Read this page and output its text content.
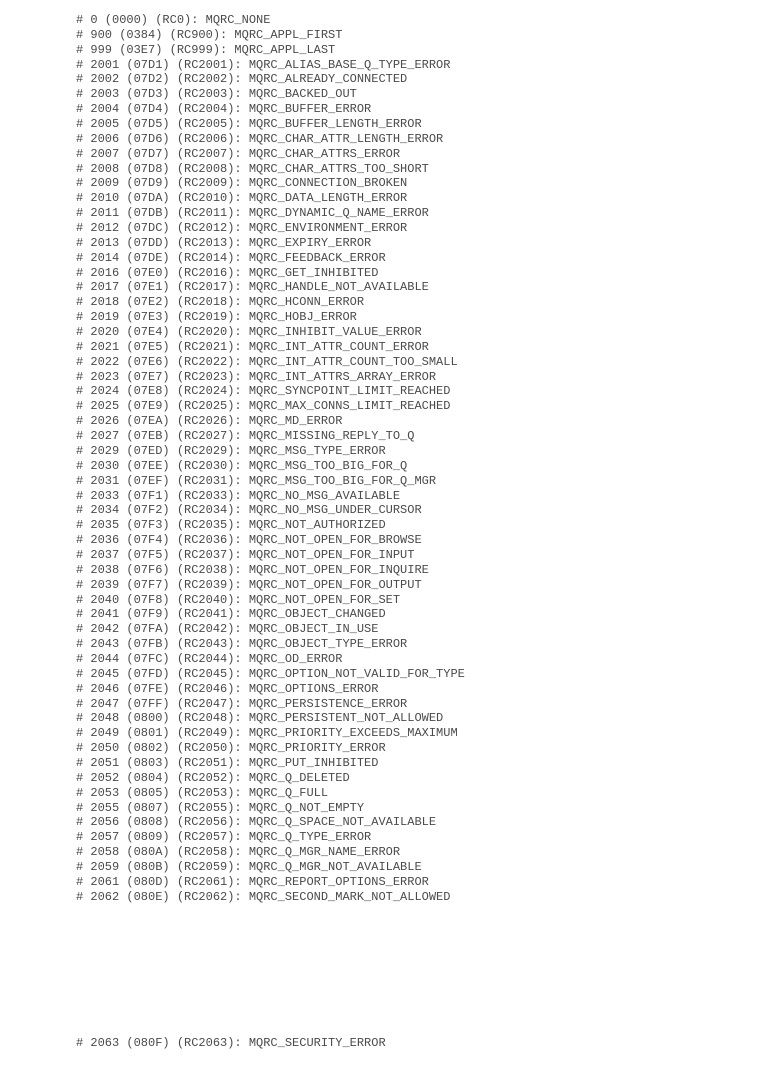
# 0 (0000) (RC0): MQRC_NONE
# 900 (0384) (RC900): MQRC_APPL_FIRST
# 999 (03E7) (RC999): MQRC_APPL_LAST
# 2001 (07D1) (RC2001): MQRC_ALIAS_BASE_Q_TYPE_ERROR
# 2002 (07D2) (RC2002): MQRC_ALREADY_CONNECTED
# 2003 (07D3) (RC2003): MQRC_BACKED_OUT
# 2004 (07D4) (RC2004): MQRC_BUFFER_ERROR
# 2005 (07D5) (RC2005): MQRC_BUFFER_LENGTH_ERROR
# 2006 (07D6) (RC2006): MQRC_CHAR_ATTR_LENGTH_ERROR
# 2007 (07D7) (RC2007): MQRC_CHAR_ATTRS_ERROR
# 2008 (07D8) (RC2008): MQRC_CHAR_ATTRS_TOO_SHORT
# 2009 (07D9) (RC2009): MQRC_CONNECTION_BROKEN
# 2010 (07DA) (RC2010): MQRC_DATA_LENGTH_ERROR
# 2011 (07DB) (RC2011): MQRC_DYNAMIC_Q_NAME_ERROR
# 2012 (07DC) (RC2012): MQRC_ENVIRONMENT_ERROR
# 2013 (07DD) (RC2013): MQRC_EXPIRY_ERROR
# 2014 (07DE) (RC2014): MQRC_FEEDBACK_ERROR
# 2016 (07E0) (RC2016): MQRC_GET_INHIBITED
# 2017 (07E1) (RC2017): MQRC_HANDLE_NOT_AVAILABLE
# 2018 (07E2) (RC2018): MQRC_HCONN_ERROR
# 2019 (07E3) (RC2019): MQRC_HOBJ_ERROR
# 2020 (07E4) (RC2020): MQRC_INHIBIT_VALUE_ERROR
# 2021 (07E5) (RC2021): MQRC_INT_ATTR_COUNT_ERROR
# 2022 (07E6) (RC2022): MQRC_INT_ATTR_COUNT_TOO_SMALL
# 2023 (07E7) (RC2023): MQRC_INT_ATTRS_ARRAY_ERROR
# 2024 (07E8) (RC2024): MQRC_SYNCPOINT_LIMIT_REACHED
# 2025 (07E9) (RC2025): MQRC_MAX_CONNS_LIMIT_REACHED
# 2026 (07EA) (RC2026): MQRC_MD_ERROR
# 2027 (07EB) (RC2027): MQRC_MISSING_REPLY_TO_Q
# 2029 (07ED) (RC2029): MQRC_MSG_TYPE_ERROR
# 2030 (07EE) (RC2030): MQRC_MSG_TOO_BIG_FOR_Q
# 2031 (07EF) (RC2031): MQRC_MSG_TOO_BIG_FOR_Q_MGR
# 2033 (07F1) (RC2033): MQRC_NO_MSG_AVAILABLE
# 2034 (07F2) (RC2034): MQRC_NO_MSG_UNDER_CURSOR
# 2035 (07F3) (RC2035): MQRC_NOT_AUTHORIZED
# 2036 (07F4) (RC2036): MQRC_NOT_OPEN_FOR_BROWSE
# 2037 (07F5) (RC2037): MQRC_NOT_OPEN_FOR_INPUT
# 2038 (07F6) (RC2038): MQRC_NOT_OPEN_FOR_INQUIRE
# 2039 (07F7) (RC2039): MQRC_NOT_OPEN_FOR_OUTPUT
# 2040 (07F8) (RC2040): MQRC_NOT_OPEN_FOR_SET
# 2041 (07F9) (RC2041): MQRC_OBJECT_CHANGED
# 2042 (07FA) (RC2042): MQRC_OBJECT_IN_USE
# 2043 (07FB) (RC2043): MQRC_OBJECT_TYPE_ERROR
# 2044 (07FC) (RC2044): MQRC_OD_ERROR
# 2045 (07FD) (RC2045): MQRC_OPTION_NOT_VALID_FOR_TYPE
# 2046 (07FE) (RC2046): MQRC_OPTIONS_ERROR
# 2047 (07FF) (RC2047): MQRC_PERSISTENCE_ERROR
# 2048 (0800) (RC2048): MQRC_PERSISTENT_NOT_ALLOWED
# 2049 (0801) (RC2049): MQRC_PRIORITY_EXCEEDS_MAXIMUM
# 2050 (0802) (RC2050): MQRC_PRIORITY_ERROR
# 2051 (0803) (RC2051): MQRC_PUT_INHIBITED
# 2052 (0804) (RC2052): MQRC_Q_DELETED
# 2053 (0805) (RC2053): MQRC_Q_FULL
# 2055 (0807) (RC2055): MQRC_Q_NOT_EMPTY
# 2056 (0808) (RC2056): MQRC_Q_SPACE_NOT_AVAILABLE
# 2057 (0809) (RC2057): MQRC_Q_TYPE_ERROR
# 2058 (080A) (RC2058): MQRC_Q_MGR_NAME_ERROR
# 2059 (080B) (RC2059): MQRC_Q_MGR_NOT_AVAILABLE
# 2061 (080D) (RC2061): MQRC_REPORT_OPTIONS_ERROR
# 2062 (080E) (RC2062): MQRC_SECOND_MARK_NOT_ALLOWED

# 2063 (080F) (RC2063): MQRC_SECURITY_ERROR
